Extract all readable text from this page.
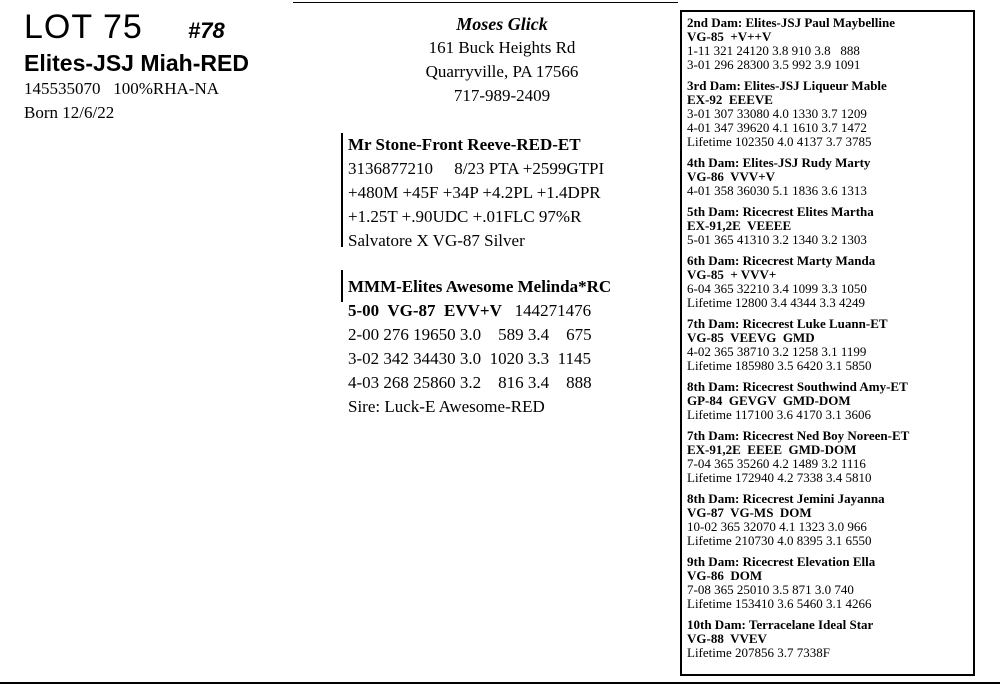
LOT 75 #78
Elites-JSJ Miah-RED
145535070   100%RHA-NA
Born 12/6/22
Moses Glick
161 Buck Heights Rd
Quarryville, PA 17566
717-989-2409
Mr Stone-Front Reeve-RED-ET
3136877210     8/23 PTA +2599GTPI
+480M +45F +34P +4.2PL +1.4DPR
+1.25T +.90UDC +.01FLC 97%R
Salvatore X VG-87 Silver
MMM-Elites Awesome Melinda*RC
5-00  VG-87  EVV+V   144271476
2-00 276 19650 3.0    589 3.4    675
3-02 342 34430 3.0  1020 3.3  1145
4-03 268 25860 3.2    816 3.4    888
Sire: Luck-E Awesome-RED
2nd Dam: Elites-JSJ Paul Maybelline
VG-85  +V++V
1-11 321 24120 3.8 910 3.8   888
3-01 296 28300 3.5 992 3.9 1091
3rd Dam: Elites-JSJ Liqueur Mable
EX-92  EEEVE
3-01 307 33080 4.0 1330 3.7 1209
4-01 347 39620 4.1 1610 3.7 1472
Lifetime 102350 4.0 4137 3.7 3785
4th Dam: Elites-JSJ Rudy Marty
VG-86  VVV+V
4-01 358 36030 5.1 1836 3.6 1313
5th Dam: Ricecrest Elites Martha
EX-91,2E  VEEEE
5-01 365 41310 3.2 1340 3.2 1303
6th Dam: Ricecrest Marty Manda
VG-85  + VVV+
6-04 365 32210 3.4 1099 3.3 1050
Lifetime 12800 3.4 4344 3.3 4249
7th Dam: Ricecrest Luke Luann-ET
VG-85  VEEVG  GMD
4-02 365 38710 3.2 1258 3.1 1199
Lifetime 185980 3.5 6420 3.1 5850
8th Dam: Ricecrest Southwind Amy-ET
GP-84  GEVGV  GMD-DOM
Lifetime 117100 3.6 4170 3.1 3606
7th Dam: Ricecrest Ned Boy Noreen-ET
EX-91,2E  EEEE  GMD-DOM
7-04 365 35260 4.2 1489 3.2 1116
Lifetime 172940 4.2 7338 3.4 5810
8th Dam: Ricecrest Jemini Jayanna
VG-87  VG-MS  DOM
10-02 365 32070 4.1 1323 3.0 966
Lifetime 210730 4.0 8395 3.1 6550
9th Dam: Ricecrest Elevation Ella
VG-86  DOM
7-08 365 25010 3.5 871 3.0 740
Lifetime 153410 3.6 5460 3.1 4266
10th Dam: Terracelane Ideal Star
VG-88  VVEV
Lifetime 207856 3.7 7338F
